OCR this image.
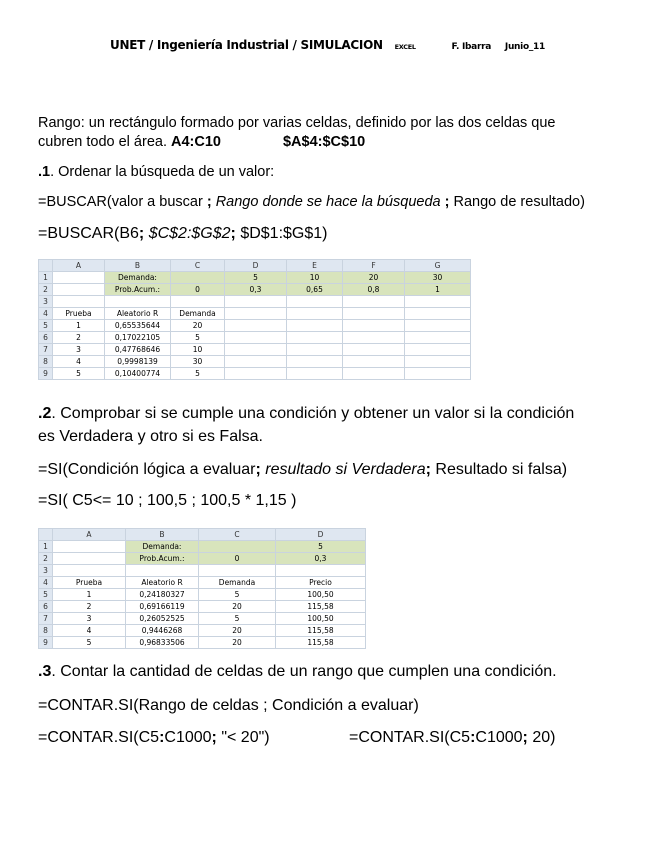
UNET / Ingeniería Industrial / SIMULACION EXCEL	F. Ibarra Junio_11
Rango: un rectángulo formado por varias celdas, definido por las dos celdas que
cubren todo el área. A4:C10	$A$4:$C$10
.1. Ordenar la búsqueda de un valor:
=BUSCAR(valor a buscar ; Rango donde se hace la búsqueda ; Rango de resultado)
=BUSCAR(B6; $C$2:$G$2; $D$1:$G$1)
	A	B	C	D	E	F	G
1		Demanda:		5	10	20	30
2		Prob.Acum.:	0	0,3	0,65	0,8	1
3							
4	Prueba	Aleatorio R	Demanda				
5	1	0,65535644	20				
6	2	0,17022105	5				
7	3	0,47768646	10				
8	4	0,9998139	30				
9	5	0,10400774	5				
.2. Comprobar si se cumple una condición y obtener un valor si la condición
es Verdadera y otro si es Falsa.
=SI(Condición lógica a evaluar; resultado si Verdadera; Resultado si falsa)
=SI( C5<= 10 ; 100,5 ; 100,5 * 1,15 )
	A	B	C	D
1		Demanda:		5
2		Prob.Acum.:	0	0,3
3				
4	Prueba	Aleatorio R	Demanda	Precio
5	1	0,24180327	5	100,50
6	2	0,69166119	20	115,58
7	3	0,26052525	5	100,50
8	4	0,9446268	20	115,58
9	5	0,96833506	20	115,58
.3. Contar la cantidad de celdas de un rango que cumplen una condición.
=CONTAR.SI(Rango de celdas ; Condición a evaluar)
=CONTAR.SI(C5:C1000; "< 20")	=CONTAR.SI(C5:C1000; 20)
